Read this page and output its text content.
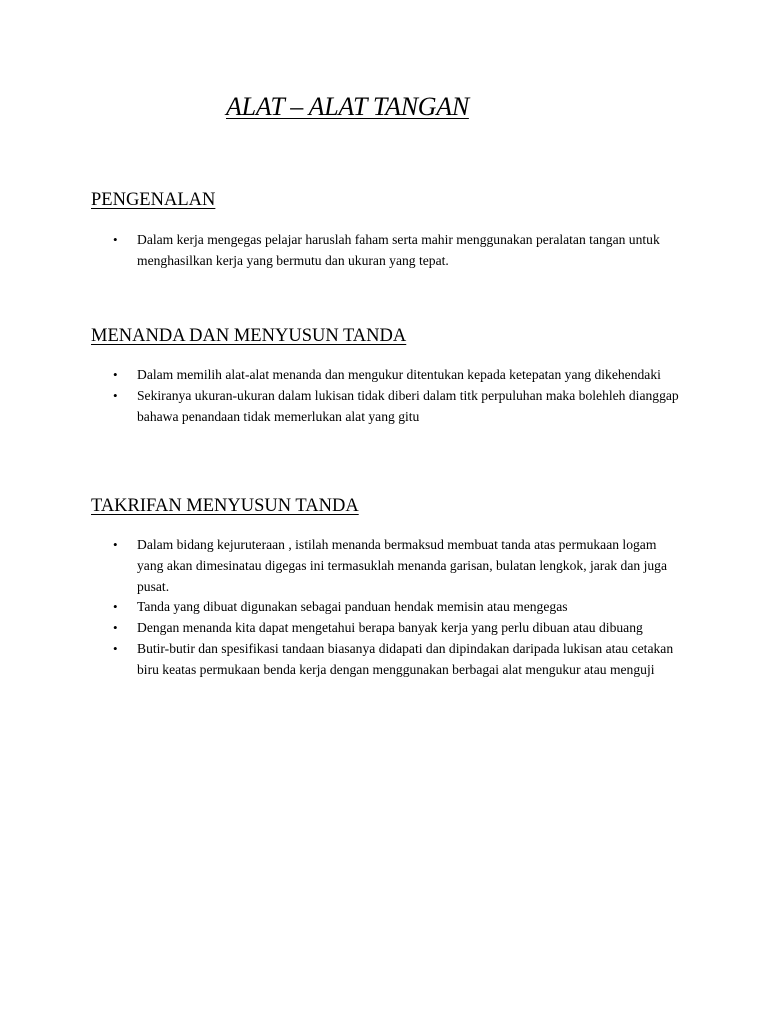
ALAT – ALAT TANGAN
PENGENALAN
•	Dalam kerja mengegas pelajar haruslah faham serta mahir menggunakan peralatan tangan untuk menghasilkan kerja yang bermutu dan ukuran yang tepat.
MENANDA DAN MENYUSUN TANDA
•	Dalam memilih alat-alat menanda dan mengukur ditentukan kepada ketepatan yang dikehendaki
•	Sekiranya ukuran-ukuran dalam lukisan tidak diberi dalam titk perpuluhan maka bolehleh dianggap bahawa penandaan tidak memerlukan alat yang gitu
TAKRIFAN MENYUSUN TANDA
•	Dalam bidang kejuruteraan , istilah menanda bermaksud membuat tanda atas permukaan logam yang akan dimesinatau digegas ini termasuklah menanda garisan, bulatan lengkok, jarak dan juga pusat.
•	Tanda yang dibuat digunakan sebagai panduan hendak memisin atau mengegas
•	Dengan menanda kita dapat mengetahui berapa banyak kerja yang perlu dibuan atau dibuang
•	Butir-butir dan spesifikasi tandaan biasanya didapati dan dipindakan daripada lukisan atau cetakan biru keatas permukaan benda kerja dengan menggunakan berbagai alat mengukur atau menguji
